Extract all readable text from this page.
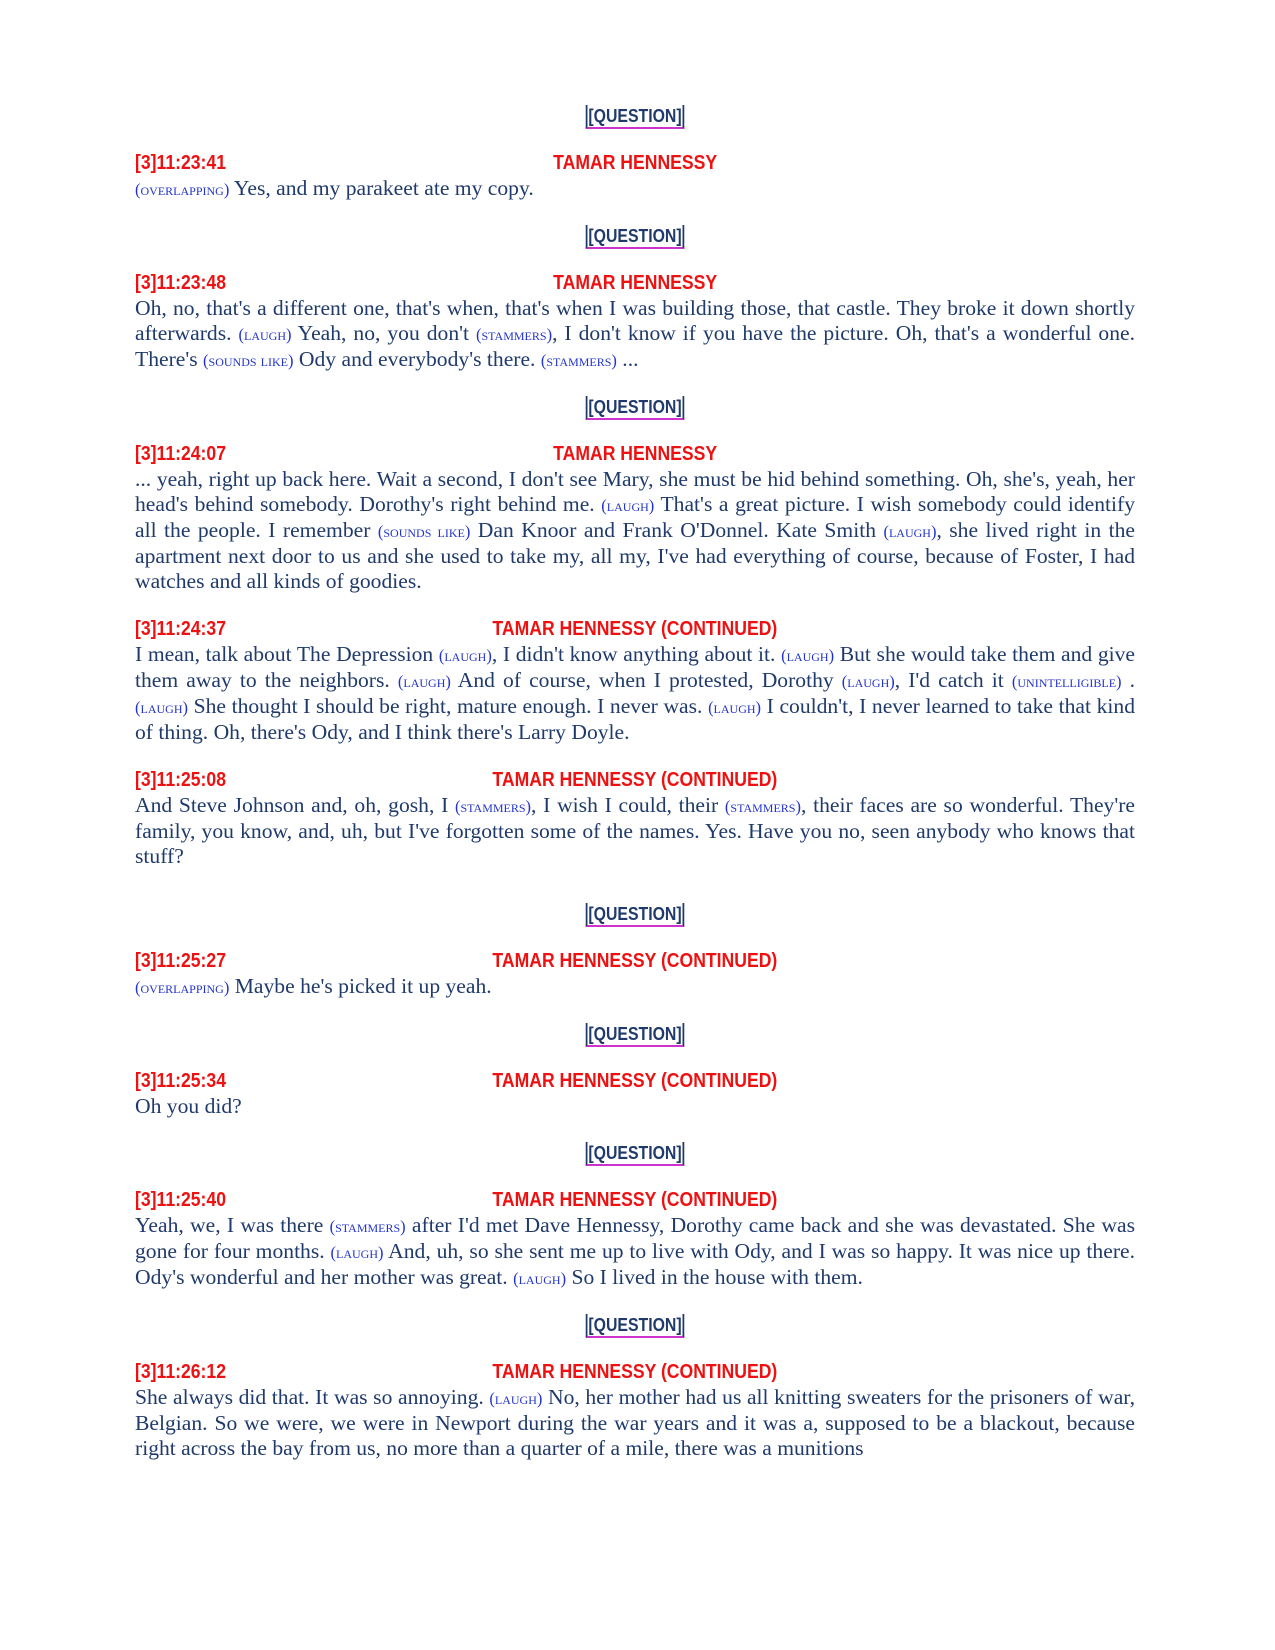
[QUESTION]
[3]11:23:41	TAMAR HENNESSY
(overlapping) Yes, and my parakeet ate my copy.
[QUESTION]
[3]11:23:48	TAMAR HENNESSY
Oh, no, that's a different one, that's when, that's when I was building those, that castle. They broke it down shortly afterwards. (laugh) Yeah, no, you don't (stammers), I don't know if you have the picture. Oh, that's a wonderful one. There's (sounds like) Ody and everybody's there. (stammers) ...
[QUESTION]
[3]11:24:07	TAMAR HENNESSY
... yeah, right up back here. Wait a second, I don't see Mary, she must be hid behind something. Oh, she's, yeah, her head's behind somebody. Dorothy's right behind me. (laugh) That's a great picture. I wish somebody could identify all the people. I remember (sounds like) Dan Knoor and Frank O'Donnel. Kate Smith (laugh), she lived right in the apartment next door to us and she used to take my, all my, I've had everything of course, because of Foster, I had watches and all kinds of goodies.
[3]11:24:37	TAMAR HENNESSY (CONTINUED)
I mean, talk about The Depression (laugh), I didn't know anything about it. (laugh) But she would take them and give them away to the neighbors. (laugh) And of course, when I protested, Dorothy (laugh), I'd catch it (unintelligible) . (laugh) She thought I should be right, mature enough. I never was. (laugh) I couldn't, I never learned to take that kind of thing. Oh, there's Ody, and I think there's Larry Doyle.
[3]11:25:08	TAMAR HENNESSY (CONTINUED)
And Steve Johnson and, oh, gosh, I (stammers), I wish I could, their (stammers), their faces are so wonderful. They're family, you know, and, uh, but I've forgotten some of the names. Yes. Have you no, seen anybody who knows that stuff?
[QUESTION]
[3]11:25:27	TAMAR HENNESSY (CONTINUED)
(overlapping) Maybe he's picked it up yeah.
[QUESTION]
[3]11:25:34	TAMAR HENNESSY (CONTINUED)
Oh you did?
[QUESTION]
[3]11:25:40	TAMAR HENNESSY (CONTINUED)
Yeah, we, I was there (stammers) after I'd met Dave Hennessy, Dorothy came back and she was devastated. She was gone for four months. (laugh) And, uh, so she sent me up to live with Ody, and I was so happy. It was nice up there. Ody's wonderful and her mother was great. (laugh) So I lived in the house with them.
[QUESTION]
[3]11:26:12	TAMAR HENNESSY (CONTINUED)
She always did that. It was so annoying. (laugh) No, her mother had us all knitting sweaters for the prisoners of war, Belgian. So we were, we were in Newport during the war years and it was a, supposed to be a blackout, because right across the bay from us, no more than a quarter of a mile, there was a munitions
